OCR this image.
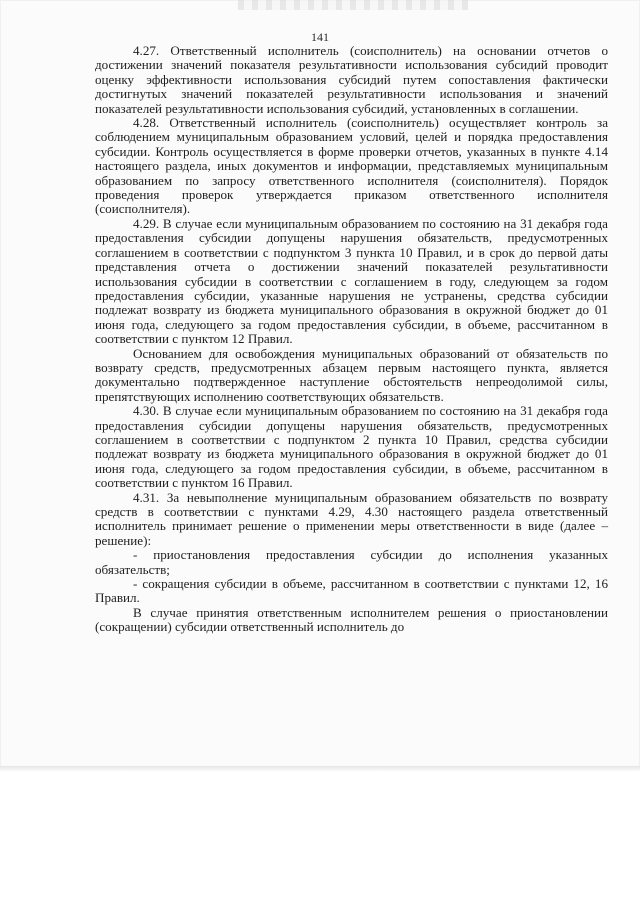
141

4.27. Ответственный исполнитель (соисполнитель) на основании отчетов о достижении значений показателя результативности использования субсидий проводит оценку эффективности использования субсидий путем сопоставления фактически достигнутых значений показателей результативности использования и значений показателей результативности использования субсидий, установленных в соглашении.

4.28. Ответственный исполнитель (соисполнитель) осуществляет контроль за соблюдением муниципальным образованием условий, целей и порядка предоставления субсидии. Контроль осуществляется в форме проверки отчетов, указанных в пункте 4.14 настоящего раздела, иных документов и информации, представляемых муниципальным образованием по запросу ответственного исполнителя (соисполнителя). Порядок проведения проверок утверждается приказом ответственного исполнителя (соисполнителя).

4.29. В случае если муниципальным образованием по состоянию на 31 декабря года предоставления субсидии допущены нарушения обязательств, предусмотренных соглашением в соответствии с подпунктом 3 пункта 10 Правил, и в срок до первой даты представления отчета о достижении значений показателей результативности использования субсидии в соответствии с соглашением в году, следующем за годом предоставления субсидии, указанные нарушения не устранены, средства субсидии подлежат возврату из бюджета муниципального образования в окружной бюджет до 01 июня года, следующего за годом предоставления субсидии, в объеме, рассчитанном в соответствии с пунктом 12 Правил.

Основанием для освобождения муниципальных образований от обязательств по возврату средств, предусмотренных абзацем первым настоящего пункта, является документально подтвержденное наступление обстоятельств непреодолимой силы, препятствующих исполнению соответствующих обязательств.

4.30. В случае если муниципальным образованием по состоянию на 31 декабря года предоставления субсидии допущены нарушения обязательств, предусмотренных соглашением в соответствии с подпунктом 2 пункта 10 Правил, средства субсидии подлежат возврату из бюджета муниципального образования в окружной бюджет до 01 июня года, следующего за годом предоставления субсидии, в объеме, рассчитанном в соответствии с пунктом 16 Правил.

4.31. За невыполнение муниципальным образованием обязательств по возврату средств в соответствии с пунктами 4.29, 4.30 настоящего раздела ответственный исполнитель принимает решение о применении меры ответственности в виде (далее – решение):

- приостановления предоставления субсидии до исполнения указанных обязательств;

- сокращения субсидии в объеме, рассчитанном в соответствии с пунктами 12, 16 Правил.

В случае принятия ответственным исполнителем решения о приостановлении (сокращении) субсидии ответственный исполнитель до
